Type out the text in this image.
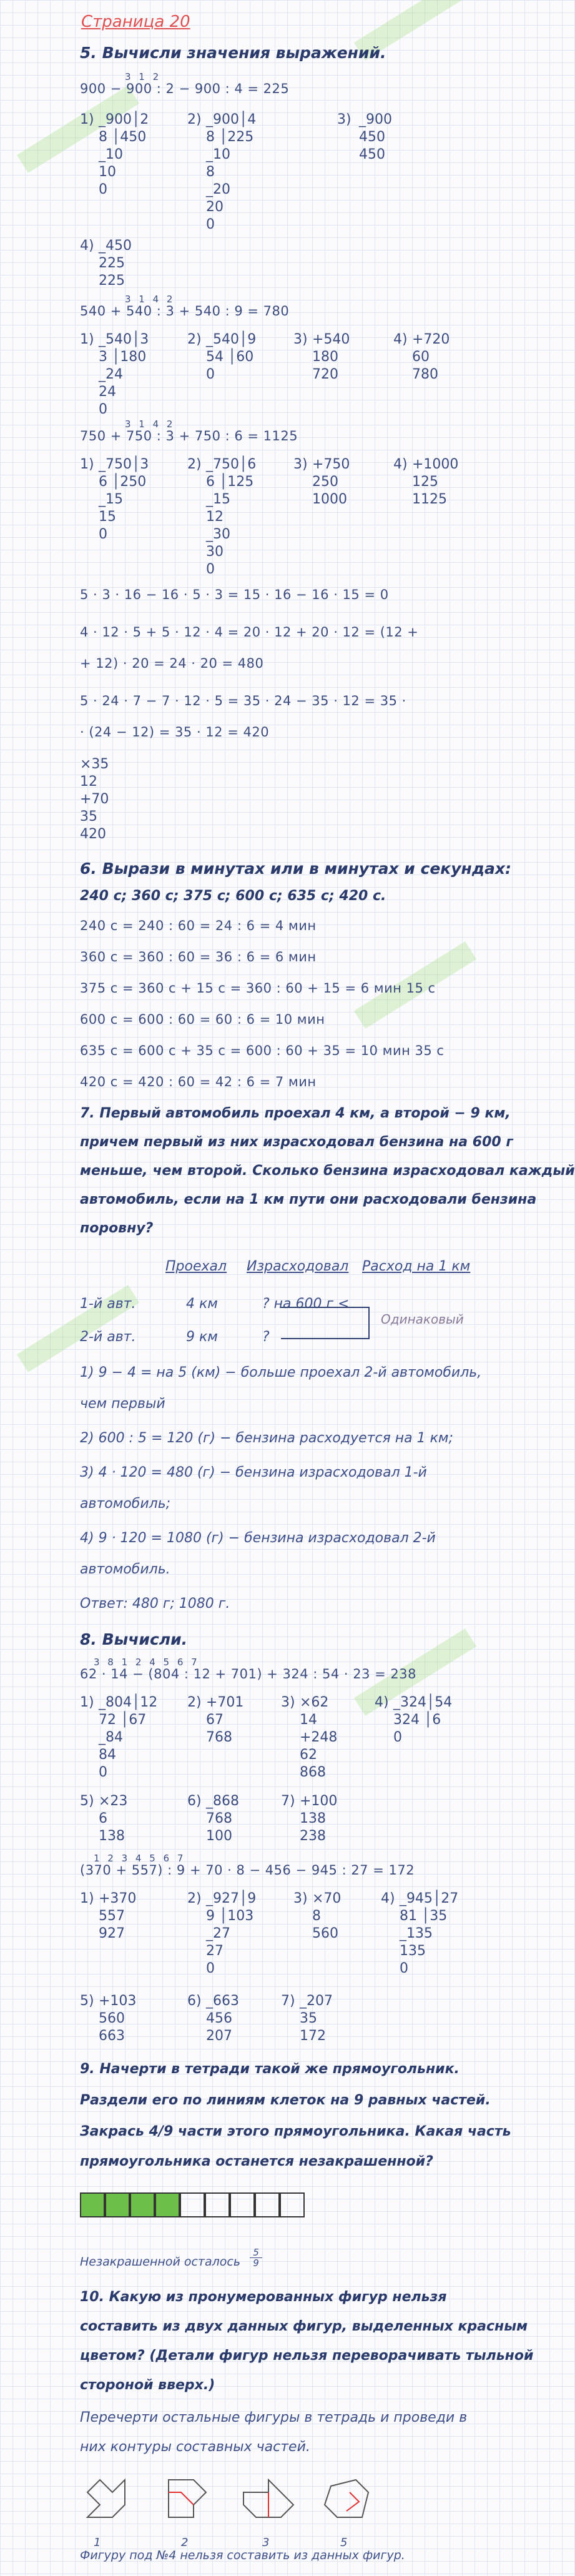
Страница 20
5. Вычисли значения выражений.
3 1 2
900 − 900 : 2 − 900 : 4 = 225
1) _900│2
8 │450
_10
10
0
2) _900│4
8 │225
_10
8
_20
20
0
3) _900
450
450
4) _450
225
225
3 1 4 2
540 + 540 : 3 + 540 : 9 = 780
1) _540│3
3 │180
_24
24
0
2) _540│9
54 │60
0
3) +540
180
720
4) +720
60
780
3 1 4 2
750 + 750 : 3 + 750 : 6 = 1125
1) _750│3
6 │250
_15
15
0
2) _750│6
6 │125
_15
12
_30
30
0
3) +750
250
1000
4) +1000
125
1125
5 · 3 · 16 − 16 · 5 · 3 = 15 · 16 − 16 · 15 = 0
4 · 12 · 5 + 5 · 12 · 4 = 20 · 12 + 20 · 12 = (12 +
+ 12) · 20 = 24 · 20 = 480
5 · 24 · 7 − 7 · 12 · 5 = 35 · 24 − 35 · 12 = 35 ·
· (24 − 12) = 35 · 12 = 420
×35
12
+70
35
420
6. Вырази в минутах или в минутах и секундах:
240 с; 360 с; 375 с; 600 с; 635 с; 420 с.
240 с = 240 : 60 = 24 : 6 = 4 мин
360 с = 360 : 60 = 36 : 6 = 6 мин
375 с = 360 с + 15 с = 360 : 60 + 15 = 6 мин 15 с
600 с = 600 : 60 = 60 : 6 = 10 мин
635 с = 600 с + 35 с = 600 : 60 + 35 = 10 мин 35 с
420 с = 420 : 60 = 42 : 6 = 7 мин
7. Первый автомобиль проехал 4 км, а второй − 9 км,
причем первый из них израсходовал бензина на 600 г
меньше, чем второй. Сколько бензина израсходовал каждый
автомобиль, если на 1 км пути они расходовали бензина
поровну?
Проехал Израсходовал Расход на 1 км
1-й авт.	4 км	? на 600 г <
2-й авт.	9 км	?
Одинаковый
1) 9 − 4 = на 5 (км) − больше проехал 2-й автомобиль,
чем первый
2) 600 : 5 = 120 (г) − бензина расходуется на 1 км;
3) 4 · 120 = 480 (г) − бензина израсходовал 1-й
автомобиль;
4) 9 · 120 = 1080 (г) − бензина израсходовал 2-й
автомобиль.
Ответ: 480 г; 1080 г.
8. Вычисли.
3 8 1 2 4 5 6 7
62 · 14 − (804 : 12 + 701) + 324 : 54 · 23 = 238
1) _804│12
72 │67
_84
84
0
2) +701
67
768
3) ×62
14
+248
62
868
4) _324│54
324 │6
0
5) ×23
6
138
6) _868
768
100
7) +100
138
238
1 2 3 4 5 6 7
(370 + 557) : 9 + 70 · 8 − 456 − 945 : 27 = 172
1) +370
557
927
2) _927│9
9 │103
_27
27
0
3) ×70
8
560
4) _945│27
81 │35
_135
135
0
5) +103
560
663
6) _663
456
207
7) _207
35
172
9. Начерти в тетради такой же прямоугольник.
Раздели его по линиям клеток на 9 равных частей.
Закрась 4/9 части этого прямоугольника. Какая часть
прямоугольника останется незакрашенной?
Незакрашенной осталось
5
9
10. Какую из пронумерованных фигур нельзя
составить из двух данных фигур, выделенных красным
цветом? (Детали фигур нельзя переворачивать тыльной
стороной вверх.)
Перечерти остальные фигуры в тетрадь и проведи в
них контуры составных частей.
1	2	3	5
Фигуру под №4 нельзя составить из данных фигур.
